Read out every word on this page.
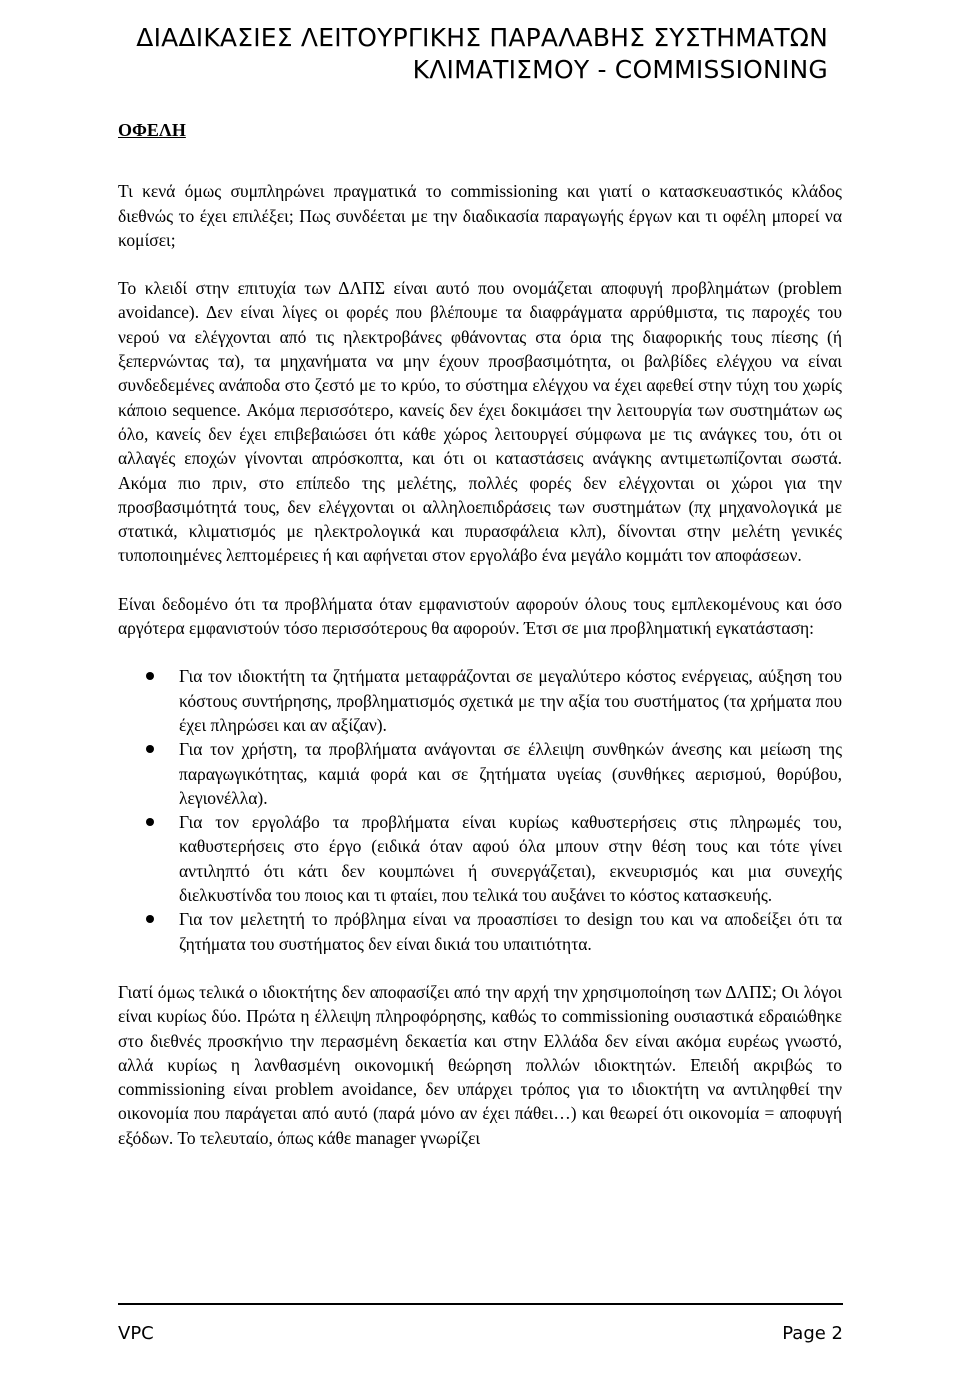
ΔΙΑΔΙΚΑΣΙΕΣ ΛΕΙΤΟΥΡΓΙΚΗΣ ΠΑΡΑΛΑΒΗΣ ΣΥΣΤΗΜΑΤΩΝ
ΚΛΙΜΑΤΙΣΜΟΥ - COMMISSIONING
ΟΦΕΛΗ

Τι κενά όμως συμπληρώνει πραγματικά το commissioning και γιατί ο κατασκευαστικός κλάδος διεθνώς το έχει επιλέξει; Πως συνδέεται με την διαδικασία παραγωγής έργων και τι οφέλη μπορεί να κομίσει;

Το κλειδί στην επιτυχία των ΔΛΠΣ είναι αυτό που ονομάζεται αποφυγή προβλημάτων (problem avoidance). Δεν είναι λίγες οι φορές που βλέπουμε τα διαφράγματα αρρύθμιστα, τις παροχές του νερού να ελέγχονται από τις ηλεκτροβάνες φθάνοντας στα όρια της διαφορικής τους πίεσης (ή ξεπερνώντας τα), τα μηχανήματα να μην έχουν προσβασιμότητα, οι βαλβίδες ελέγχου να είναι συνδεδεμένες ανάποδα στο ζεστό με το κρύο, το σύστημα ελέγχου να έχει αφεθεί στην τύχη του χωρίς κάποιο sequence. Ακόμα περισσότερο, κανείς δεν έχει δοκιμάσει την λειτουργία των συστημάτων ως όλο, κανείς δεν έχει επιβεβαιώσει ότι κάθε χώρος λειτουργεί σύμφωνα με τις ανάγκες του, ότι οι αλλαγές εποχών γίνονται απρόσκοπτα, και ότι οι καταστάσεις ανάγκης αντιμετωπίζονται σωστά. Ακόμα πιο πριν, στο επίπεδο της μελέτης, πολλές φορές δεν ελέγχονται οι χώροι για την προσβασιμότητά τους, δεν ελέγχονται οι αλληλοεπιδράσεις των συστημάτων (πχ μηχανολογικά με στατικά, κλιματισμός με ηλεκτρολογικά και πυρασφάλεια κλπ), δίνονται στην μελέτη γενικές τυποποιημένες λεπτομέρειες ή και αφήνεται στον εργολάβο ένα μεγάλο κομμάτι τον αποφάσεων.

Είναι δεδομένο ότι τα προβλήματα όταν εμφανιστούν αφορούν όλους τους εμπλεκομένους και όσο αργότερα εμφανιστούν τόσο περισσότερους θα αφορούν. Έτσι σε μια προβληματική εγκατάσταση:

Για τον ιδιοκτήτη τα ζητήματα μεταφράζονται σε μεγαλύτερο κόστος ενέργειας, αύξηση του κόστους συντήρησης, προβληματισμός σχετικά με την αξία του συστήματος (τα χρήματα που έχει πληρώσει και αν αξίζαν).
Για τον χρήστη, τα προβλήματα ανάγονται σε έλλειψη συνθηκών άνεσης και μείωση της παραγωγικότητας, καμιά φορά και σε ζητήματα υγείας (συνθήκες αερισμού, θορύβου, λεγιονέλλα).
Για τον εργολάβο τα προβλήματα είναι κυρίως καθυστερήσεις στις πληρωμές του, καθυστερήσεις στο έργο (ειδικά όταν αφού όλα μπουν στην θέση τους και τότε γίνει αντιληπτό ότι κάτι δεν κουμπώνει ή συνεργάζεται), εκνευρισμός και μια συνεχής διελκυστίνδα του ποιος και τι φταίει, που τελικά του αυξάνει το κόστος κατασκευής.
Για τον μελετητή το πρόβλημα είναι να προασπίσει το design του και να αποδείξει ότι τα ζητήματα του συστήματος δεν είναι δικιά του υπαιτιότητα.

Γιατί όμως τελικά ο ιδιοκτήτης δεν αποφασίζει από την αρχή την χρησιμοποίηση των ΔΛΠΣ; Οι λόγοι είναι κυρίως δύο. Πρώτα η έλλειψη πληροφόρησης, καθώς το commissioning ουσιαστικά εδραιώθηκε στο διεθνές προσκήνιο την περασμένη δεκαετία και στην Ελλάδα δεν είναι ακόμα ευρέως γνωστό, αλλά κυρίως η λανθασμένη οικονομική θεώρηση πολλών ιδιοκτητών. Επειδή ακριβώς το commissioning είναι problem avoidance, δεν υπάρχει τρόπος για το ιδιοκτήτη να αντιληφθεί την οικονομία που παράγεται από αυτό (παρά μόνο αν έχει πάθει…) και θεωρεί ότι οικονομία = αποφυγή εξόδων. Το τελευταίο, όπως κάθε manager γνωρίζει

VPC	Page 2
